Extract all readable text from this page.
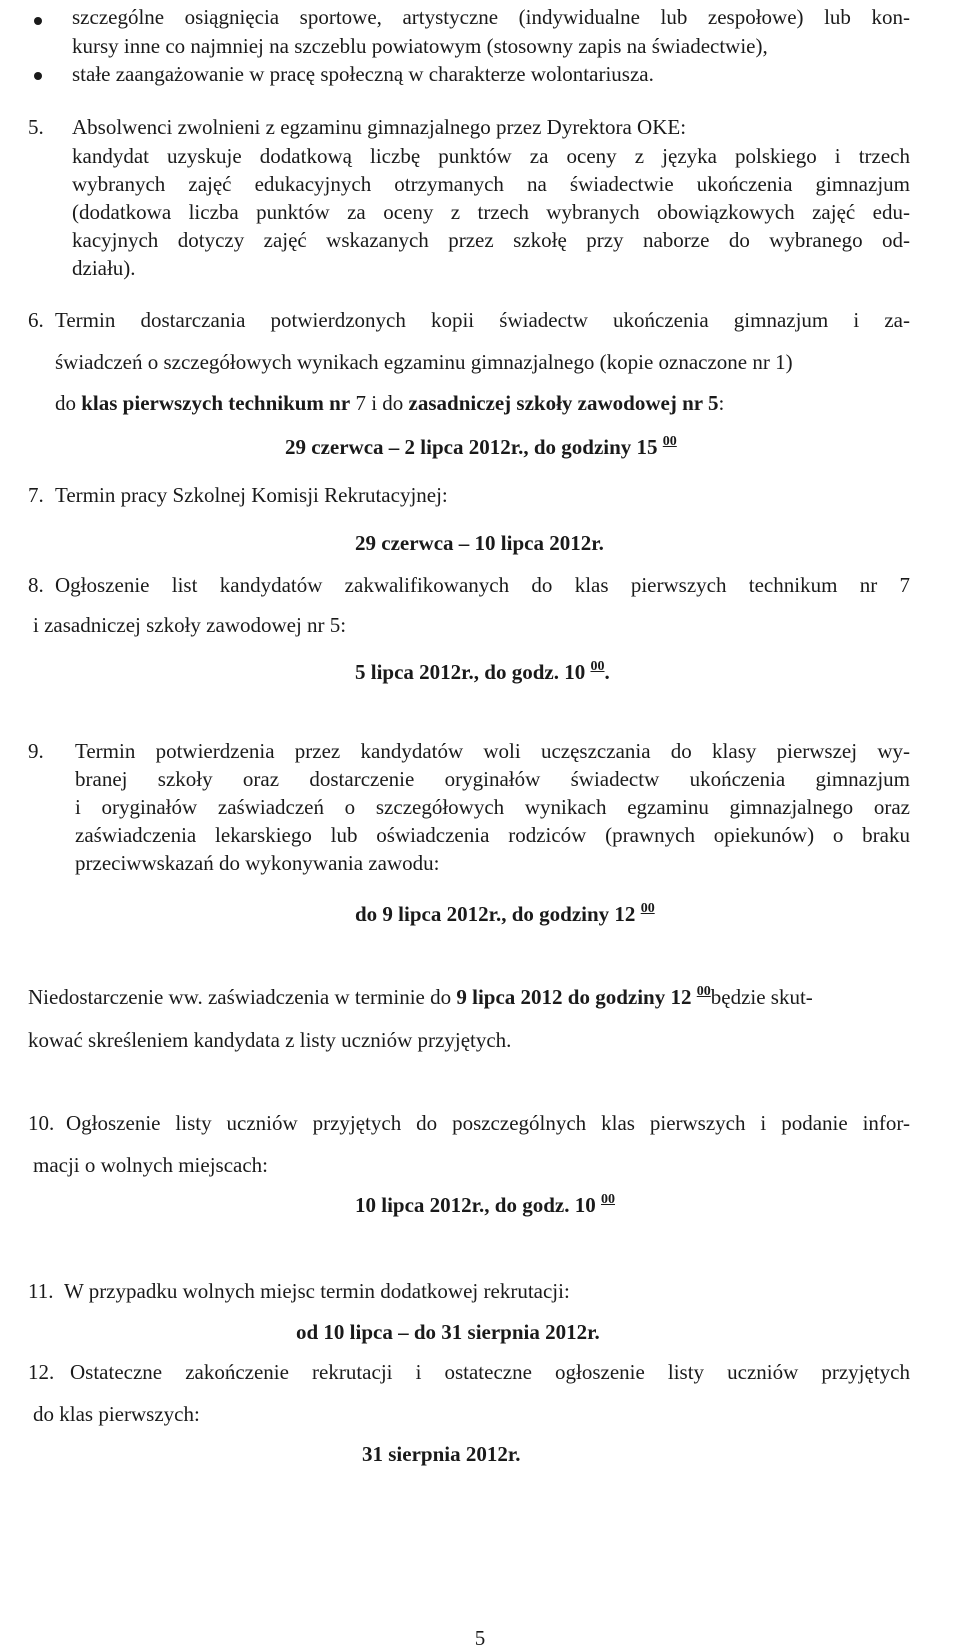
szczególne osiągnięcia sportowe, artystyczne (indywidualne lub zespołowe) lub kon-
kursy inne co najmniej na szczeblu powiatowym (stosowny zapis na świadectwie),
stałe zaangażowanie w pracę społeczną w charakterze wolontariusza.
5. Absolwenci zwolnieni z egzaminu gimnazjalnego przez Dyrektora OKE:
kandydat uzyskuje dodatkową liczbę punktów za oceny z języka polskiego i trzech
wybranych zajęć edukacyjnych otrzymanych na świadectwie ukończenia gimnazjum
(dodatkowa liczba punktów za oceny z trzech wybranych obowiązkowych zajęć edu-
kacyjnych dotyczy zajęć wskazanych przez szkołę przy naborze do wybranego od-
działu).
6. Termin dostarczania potwierdzonych kopii świadectw ukończenia gimnazjum i za-
świadczeń o szczegółowych wynikach egzaminu gimnazjalnego (kopie oznaczone nr 1)
do klas pierwszych technikum nr 7 i do zasadniczej szkoły zawodowej nr 5:
29 czerwca – 2 lipca 2012r., do godziny 15 $^{00}$
7. Termin pracy Szkolnej Komisji Rekrutacyjnej:
29 czerwca – 10 lipca 2012r.
8. Ogłoszenie list kandydatów zakwalifikowanych do klas pierwszych technikum nr 7
i zasadniczej szkoły zawodowej nr 5:
5 lipca 2012r., do godz. 10 $^{00}$.
9. Termin potwierdzenia przez kandydatów woli uczęszczania do klasy pierwszej wy-
branej szkoły oraz dostarczenie oryginałów świadectw ukończenia gimnazjum
i oryginałów zaświadczeń o szczegółowych wynikach egzaminu gimnazjalnego oraz
zaświadczenia lekarskiego lub oświadczenia rodziców (prawnych opiekunów) o braku
przeciwwskazań do wykonywania zawodu:
do 9 lipca 2012r., do godziny 12 $^{00}$
Niedostarczenie ww. zaświadczenia w terminie do 9 lipca 2012 do godziny 12 $^{00}$będzie skut-
kować skreśleniem kandydata z listy uczniów przyjętych.
10. Ogłoszenie listy uczniów przyjętych do poszczególnych klas pierwszych i podanie infor-
macji o wolnych miejscach:
10 lipca 2012r., do godz. 10 $^{00}$
11. W przypadku wolnych miejsc termin dodatkowej rekrutacji:
od 10 lipca – do 31 sierpnia 2012r.
12. Ostateczne zakończenie rekrutacji i ostateczne ogłoszenie listy uczniów przyjętych
do klas pierwszych:
31 sierpnia 2012r.
5
